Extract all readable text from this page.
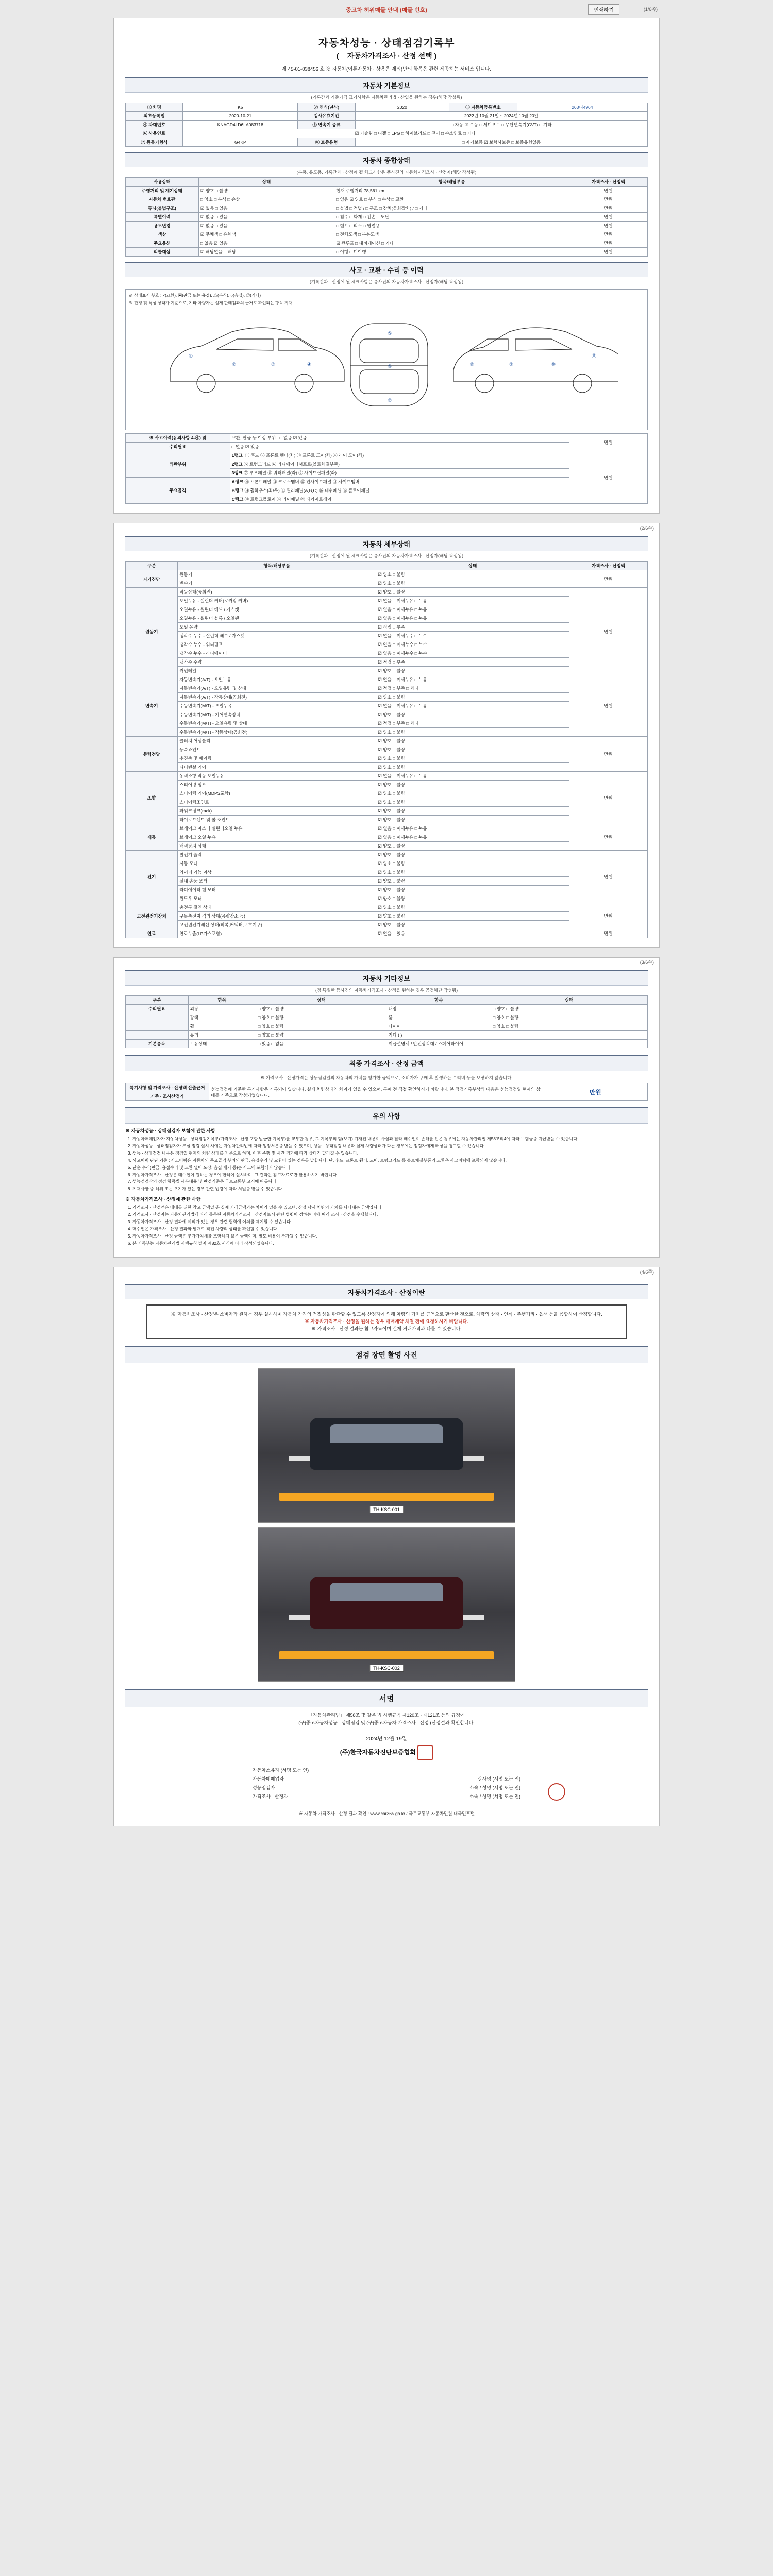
중고차 허위매물 안내 (매물 번호)	인쇄하기	(1/6쪽)
자동차성능 · 상태점검기록부
( □ 자동차가격조사 · 산정 선택 )
제 45-01-038456 호 ※ 자동차(이륜자동차 · 상용은 제외)만의 항목은 관련 제공해는 서비스 입니다.
자동차 기본정보
(기록간과 기준가격 표기사항은 자동차관리법 · 산업을 원하는 경우(해당 작성됨)
① 차명	K5	② 연식(년식)	2020	③ 자동차등록번호	263디4964
최초등록일	2020-10-21	검사유효기간	2022년 10월 21일 ~ 2024년 10월 20일		
④ 차대번호	KNAGD4LD6LA083718	⑤ 변속기 종류	□ 자동 ☑ 수동 □ 세미오토 □ 무단변속기(CVT) □ 기타		
⑥ 사용연료	☑ 가솔린 □ 디젤 □ LPG □ 하이브리드 □ 전기 □ 수소연료 □ 기타				
⑦ 원동기형식	G4KP	⑧ 보증유형	□ 자가보증 ☑ 보험사보증 □ 보증유형없음		
자동차 종합상태
(부품, 유도품, 기록간과 · 산정에 될 체크사항은 품사진의 자동차자격조사 · 산정자(해당 작성됨)
사용상태	상태	항목/해당부품	가격조사 · 산정액
주행거리 및 계기상태	☑ 양호 □ 불량	현재 주행거리 78,561 km	만원
자동차 번호판	□ 양호 □ 부식 □ 손상	□ 없음 ☑ 양호 □ 부식 □ 손상 □ 교환	만원
튜닝(불법구조)	☑ 없음 □ 있음	□ 불법 □ 적법 / □ 구조 □ 장치(등화장치) / □ 기타	만원
특별이력	☑ 없음 □ 있음	□ 침수 □ 화재 □ 전손 □ 도난	만원
용도변경	☑ 없음 □ 있음	□ 렌트 □ 리스 □ 영업용	만원
색상	☑ 무채색 □ 유채색	□ 전체도색 □ 부분도색	만원
주요옵션	□ 없음 ☑ 있음	☑ 썬루프 □ 내비게이션 □ 기타	만원
리콜대상	☑ 해당없음 □ 해당	□ 이행 □ 미이행	만원
사고 · 교환 · 수리 등 이력
(기록간과 · 산정에 될 체크사항은 품사진의 자동차자격조사 · 산정자(해당 작성됨)
※ 상태표시 부호 : ×(교환), ▣(판금 또는 용접), △(부식), ○(흠집), ◎(기타)
※ 판정 및 특성 상태가 기준으로, 기타 차량가는 실제 판매점과의 근거로 확인되는 항목 기재
①
②	③	④
⑤
⑥
⑦
⑧	⑨	⑩
⑪
※ 사고이력(유의사항 4-④) 및	교환, 판금 등 이상 부위 □ 없음 ☑ 있음	만원
수리필요	□ 없음 ☑ 있음	
외판부위	1랭크 ① 후드 ② 프론트 휀더(좌) ③ 프론트 도어(좌) ④ 리어 도어(좌)	만원
	2랭크 ⑤ 트렁크리드 ⑥ 라디에이터서포트(볼트체결부품)	
	3랭크 ⑦ 루프패널 ⑧ 쿼터패널(좌) ⑨ 사이드실패널(좌)	
주요골격	A랭크 ⑩ 프론트패널 ⑪ 크로스맴버 ⑫ 인사이드패널 ⑬ 사이드맴버	
	B랭크 ⑭ 휠하우스(좌/우) ⑮ 필러패널(A,B,C) ⑯ 대쉬패널 ⑰ 플로어패널	
	C랭크 ⑱ 트렁크플로어 ⑲ 리어패널 ⑳ 패키지트레이	
(2/6쪽)
자동차 세부상태
(기록간과 · 산정에 될 체크사항은 품사진의 자동차자격조사 · 산정자(해당 작성됨)
구분	항목/해당부품	상태	가격조사 · 산정액
자기진단	원동기	☑ 양호 □ 불량	만원
	변속기	☑ 양호 □ 불량	
원동기	작동상태(공회전)	☑ 양호 □ 불량	만원
	오일누유 - 실린더 커버(로커암 커버)	☑ 없음 □ 미세누유 □ 누유	
	오일누유 - 실린더 헤드 / 가스켓	☑ 없음 □ 미세누유 □ 누유	
	오일누유 - 실린더 블록 / 오일팬	☑ 없음 □ 미세누유 □ 누유	
	오일 유량	☑ 적정 □ 부족	
	냉각수 누수 - 실린더 헤드 / 가스켓	☑ 없음 □ 미세누수 □ 누수	
	냉각수 누수 - 워터펌프	☑ 없음 □ 미세누수 □ 누수	
	냉각수 누수 - 라디에이터	☑ 없음 □ 미세누수 □ 누수	
	냉각수 수량	☑ 적정 □ 부족	
	커먼레일	☑ 양호 □ 불량	
변속기	자동변속기(A/T) - 오일누유	☑ 없음 □ 미세누유 □ 누유	만원
	자동변속기(A/T) - 오일유량 및 상태	☑ 적정 □ 부족 □ 과다	
	자동변속기(A/T) - 작동상태(공회전)	☑ 양호 □ 불량	
	수동변속기(M/T) - 오일누유	☑ 없음 □ 미세누유 □ 누유	
	수동변속기(M/T) - 기어변속장치	☑ 양호 □ 불량	
	수동변속기(M/T) - 오일유량 및 상태	☑ 적정 □ 부족 □ 과다	
	수동변속기(M/T) - 작동상태(공회전)	☑ 양호 □ 불량	
동력전달	클러치 어셈블리	☑ 양호 □ 불량	만원
	등속죠인트	☑ 양호 □ 불량	
	추진축 및 베어링	☑ 양호 □ 불량	
	디퍼렌셜 기어	☑ 양호 □ 불량	
조향	동력조향 작동 오일누유	☑ 없음 □ 미세누유 □ 누유	만원
	스티어링 펌프	☑ 양호 □ 불량	
	스티어링 기어(MDPS포함)	☑ 양호 □ 불량	
	스티어링조인트	☑ 양호 □ 불량	
	파워크랭크(rack)	☑ 양호 □ 불량	
	타이로드엔드 및 볼 조인트	☑ 양호 □ 불량	
제동	브레이크 마스터 실린더오일 누유	☑ 없음 □ 미세누유 □ 누유	만원
	브레이크 오일 누유	☑ 없음 □ 미세누유 □ 누유	
	배력장치 상태	☑ 양호 □ 불량	
전기	발전기 출력	☑ 양호 □ 불량	만원
	시동 모터	☑ 양호 □ 불량	
	와이퍼 기능 이상	☑ 양호 □ 불량	
	실내 송풍 모터	☑ 양호 □ 불량	
	라디에이터 팬 모터	☑ 양호 □ 불량	
	윈도우 모터	☑ 양호 □ 불량	
고전원전기장치	충전구 절연 상태	☑ 양호 □ 불량	만원
	구동축전지 격리 상태(용량감소 등)	☑ 양호 □ 불량	
	고전원전기배선 상태(피복,커넥터,보호기구)	☑ 양호 □ 불량	
연료	연료누출(LP가스포함)	☑ 없음 □ 있음	만원
(3/6쪽)
자동차 기타정보
(점 특별한 등사진의 자동차가격조사 · 산정을 원하는 경우 공정해단 작성됨)
구분	항목	상태	항목	상태
수리필요	외장	□ 양호 □ 불량	내장	□ 양호 □ 불량
	광택	□ 양호 □ 불량	룸	□ 양호 □ 불량
	휠	□ 양호 □ 불량	타이어	□ 양호 □ 불량
	유리	□ 양호 □ 불량	기타 ( )	
기본품목	보유상태	□ 있음 □ 없음	취급설명서 / 안전삼각대 / 스페어타이어	
최종 가격조사 · 산정 금액
※ 가격조사 · 산정가격은 성능점검일의 자동차의 가치를 평가한 금액으로, 소비자가 구매 후 발생하는 수리비 등을 보장하지 않습니다.
특기사항 및 가격조사 · 산정액 산출근거	성능점검에 기준한 특기사항은 기록되어 있습니다. 실제 차량상태와 차이가 있을 수 있으며, 구매 전 직접 확인하시기 바랍니다. 본 점검기록부상의 내용은 성능점검일 현재의 상태를 기준으로 작성되었습니다.	만원
기준 · 조사산정가
유의 사항
※ 자동차성능 · 상태점검자 보험에 관한 사항
1. 자동차매매업자가 자동차성능 · 상태점검기록부(가격조사 · 산정 포함 발급한 기록부)를 교부한 경우, 그 기록부의 덤(보기) 기재된 내용이 사실과 달라 매수인이 손해를 입은 경우에는 자동차관리법 제58조의4에 따라 보험금을 지급받을 수 있습니다.
2. 자동차성능 · 상태점검자가 부실 점검 실시 시에는 자동차관리법에 따라 행정처분을 받을 수 있으며, 성능 · 상태점검 내용과 실제 차량상태가 다른 경우에는 점검자에게 배상을 청구할 수 있습니다.
3. 성능 · 상태점검 내용은 점검일 현재의 차량 상태를 기준으로 하며, 이후 주행 및 시간 경과에 따라 상태가 달라질 수 있습니다.
4. 사고이력 판단 기준 : 사고이력은 자동차의 주요골격 부위의 판금, 용접수리 및 교환이 있는 경우를 말합니다. 단, 후드, 프론트 휀더, 도어, 트렁크리드 등 볼트체결부품의 교환은 사고이력에 포함되지 않습니다.
5. 단순 수리(판금, 용접수리 및 교환 없이 도장, 흠집 제거 등)는 사고에 포함되지 않습니다.
6. 자동차가격조사 · 산정은 매수인이 원하는 경우에 한하여 실시하며, 그 결과는 참고자료로만 활용하시기 바랍니다.
7. 성능점검장의 점검 항목별 세부내용 및 판정기준은 국토교통부 고시에 따릅니다.
8. 기재사항 중 허위 또는 오기가 있는 경우 관련 법령에 따라 처벌을 받을 수 있습니다.
※ 자동차가격조사 · 산정에 관한 사항
1. 가격조사 · 산정액은 매매를 위한 참고 금액일 뿐 실제 거래금액과는 차이가 있을 수 있으며, 산정 당시 차량의 가치를 나타내는 금액입니다.
2. 가격조사 · 산정자는 자동차관리법에 따라 등록된 자동차가격조사 · 산정자로서 관련 법령이 정하는 바에 따라 조사 · 산정을 수행합니다.
3. 자동차가격조사 · 산정 결과에 이의가 있는 경우 관련 협회에 이의를 제기할 수 있습니다.
4. 매수인은 가격조사 · 산정 결과와 별개로 직접 차량의 상태를 확인할 수 있습니다.
5. 자동차가격조사 · 산정 금액은 부가가치세를 포함하지 않은 금액이며, 별도 비용이 추가될 수 있습니다.
6. 본 기록부는 자동차관리법 시행규칙 별지 제82호 서식에 따라 작성되었습니다.
(4/6쪽)
자동차가격조사 · 산정이란
※ '자동차조사 · 산정'은 소비자가 원하는 경우 실시하며 자동차 가격의 적정성을 판단할 수 있도록 산정자에 의해 차량의 가치를 금액으로 환산한 것으로, 차량의 상태 · 연식 · 주행거리 · 옵션 등을 종합하여 산정합니다.
※ 자동차가격조사 · 산정을 원하는 경우 매매계약 체결 전에 요청하시기 바랍니다.
※ 가격조사 · 산정 결과는 참고자료이며 실제 거래가격과 다를 수 있습니다.
점검 장면 촬영 사진
TH-KSC-001
TH-KSC-002
서명
「자동차관리법」 제58조 및 같은 법 시행규칙 제120조 · 제121조 등의 규정에
(구)중고자동차성능 · 상태점검 및 (구)중고자동차 가격조사 · 산정 (산정결과 확인합니다.
2024년 12월 19일
(주)한국자동차진단보증협회
자동차소유자 (서명 또는 인)
자동차매매업자	상사명 (서명 또는 인)
성능점검자	소속 / 성명 (서명 또는 인)
가격조사 · 산정자	소속 / 성명 (서명 또는 인)
※ 자동차 가격조사 · 산정 결과 확인 : www.car365.go.kr / 국토교통부 자동차민원 대국민포털
